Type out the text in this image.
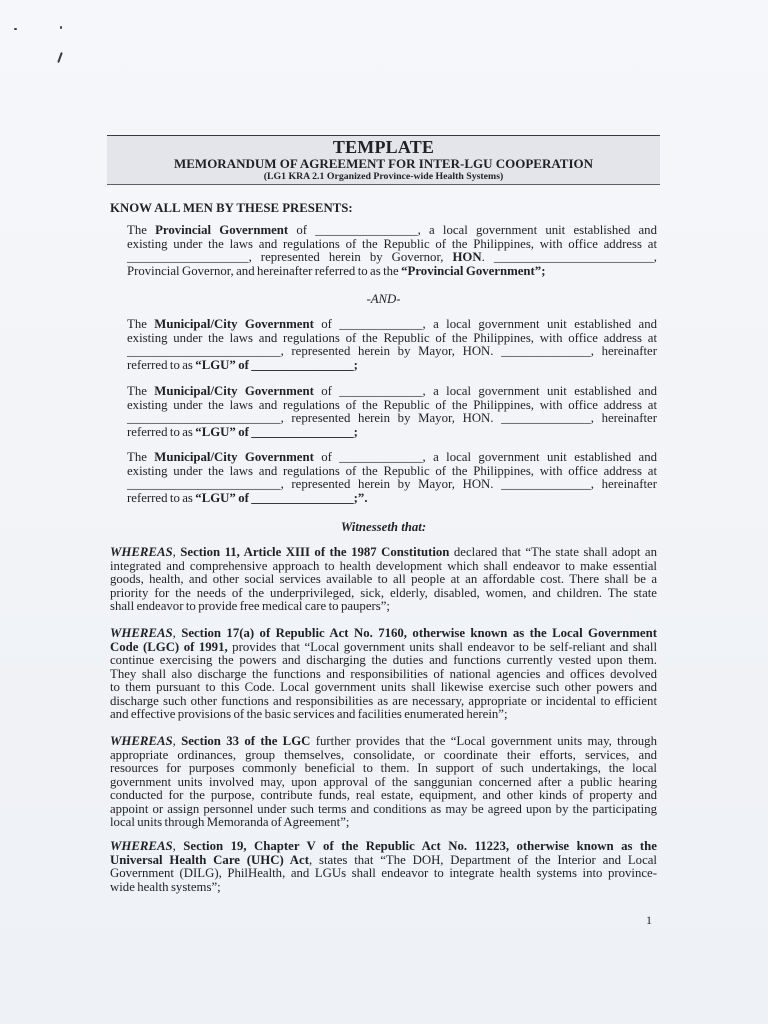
TEMPLATE
MEMORANDUM OF AGREEMENT FOR INTER-LGU COOPERATION
(LG1 KRA 2.1 Organized Province-wide Health Systems)
KNOW ALL MEN BY THESE PRESENTS:
The Provincial Government of ________________, a local government unit established and
existing under the laws and regulations of the Republic of the Philippines, with office address at
___________________, represented herein by Governor, HON. _________________________,
Provincial Governor, and hereinafter referred to as the “Provincial Government”;
-AND-
The Municipal/City Government of _____________, a local government unit established and
existing under the laws and regulations of the Republic of the Philippines, with office address at
________________________, represented herein by Mayor, HON. ______________, hereinafter
referred to as “LGU” of ________________;
The Municipal/City Government of _____________, a local government unit established and
existing under the laws and regulations of the Republic of the Philippines, with office address at
________________________, represented herein by Mayor, HON. ______________, hereinafter
referred to as “LGU” of ________________;
The Municipal/City Government of _____________, a local government unit established and
existing under the laws and regulations of the Republic of the Philippines, with office address at
________________________, represented herein by Mayor, HON. ______________, hereinafter
referred to as “LGU” of ________________;”.
Witnesseth that:
WHEREAS, Section 11, Article XIII of the 1987 Constitution declared that “The state shall adopt an
integrated and comprehensive approach to health development which shall endeavor to make essential
goods, health, and other social services available to all people at an affordable cost. There shall be a
priority for the needs of the underprivileged, sick, elderly, disabled, women, and children. The state
shall endeavor to provide free medical care to paupers”;
WHEREAS, Section 17(a) of Republic Act No. 7160, otherwise known as the Local Government
Code (LGC) of 1991, provides that “Local government units shall endeavor to be self-reliant and shall
continue exercising the powers and discharging the duties and functions currently vested upon them.
They shall also discharge the functions and responsibilities of national agencies and offices devolved
to them pursuant to this Code. Local government units shall likewise exercise such other powers and
discharge such other functions and responsibilities as are necessary, appropriate or incidental to efficient
and effective provisions of the basic services and facilities enumerated herein”;
WHEREAS, Section 33 of the LGC further provides that the “Local government units may, through
appropriate ordinances, group themselves, consolidate, or coordinate their efforts, services, and
resources for purposes commonly beneficial to them. In support of such undertakings, the local
government units involved may, upon approval of the sanggunian concerned after a public hearing
conducted for the purpose, contribute funds, real estate, equipment, and other kinds of property and
appoint or assign personnel under such terms and conditions as may be agreed upon by the participating
local units through Memoranda of Agreement”;
WHEREAS, Section 19, Chapter V of the Republic Act No. 11223, otherwise known as the
Universal Health Care (UHC) Act, states that “The DOH, Department of the Interior and Local
Government (DILG), PhilHealth, and LGUs shall endeavor to integrate health systems into province-
wide health systems”;
1
